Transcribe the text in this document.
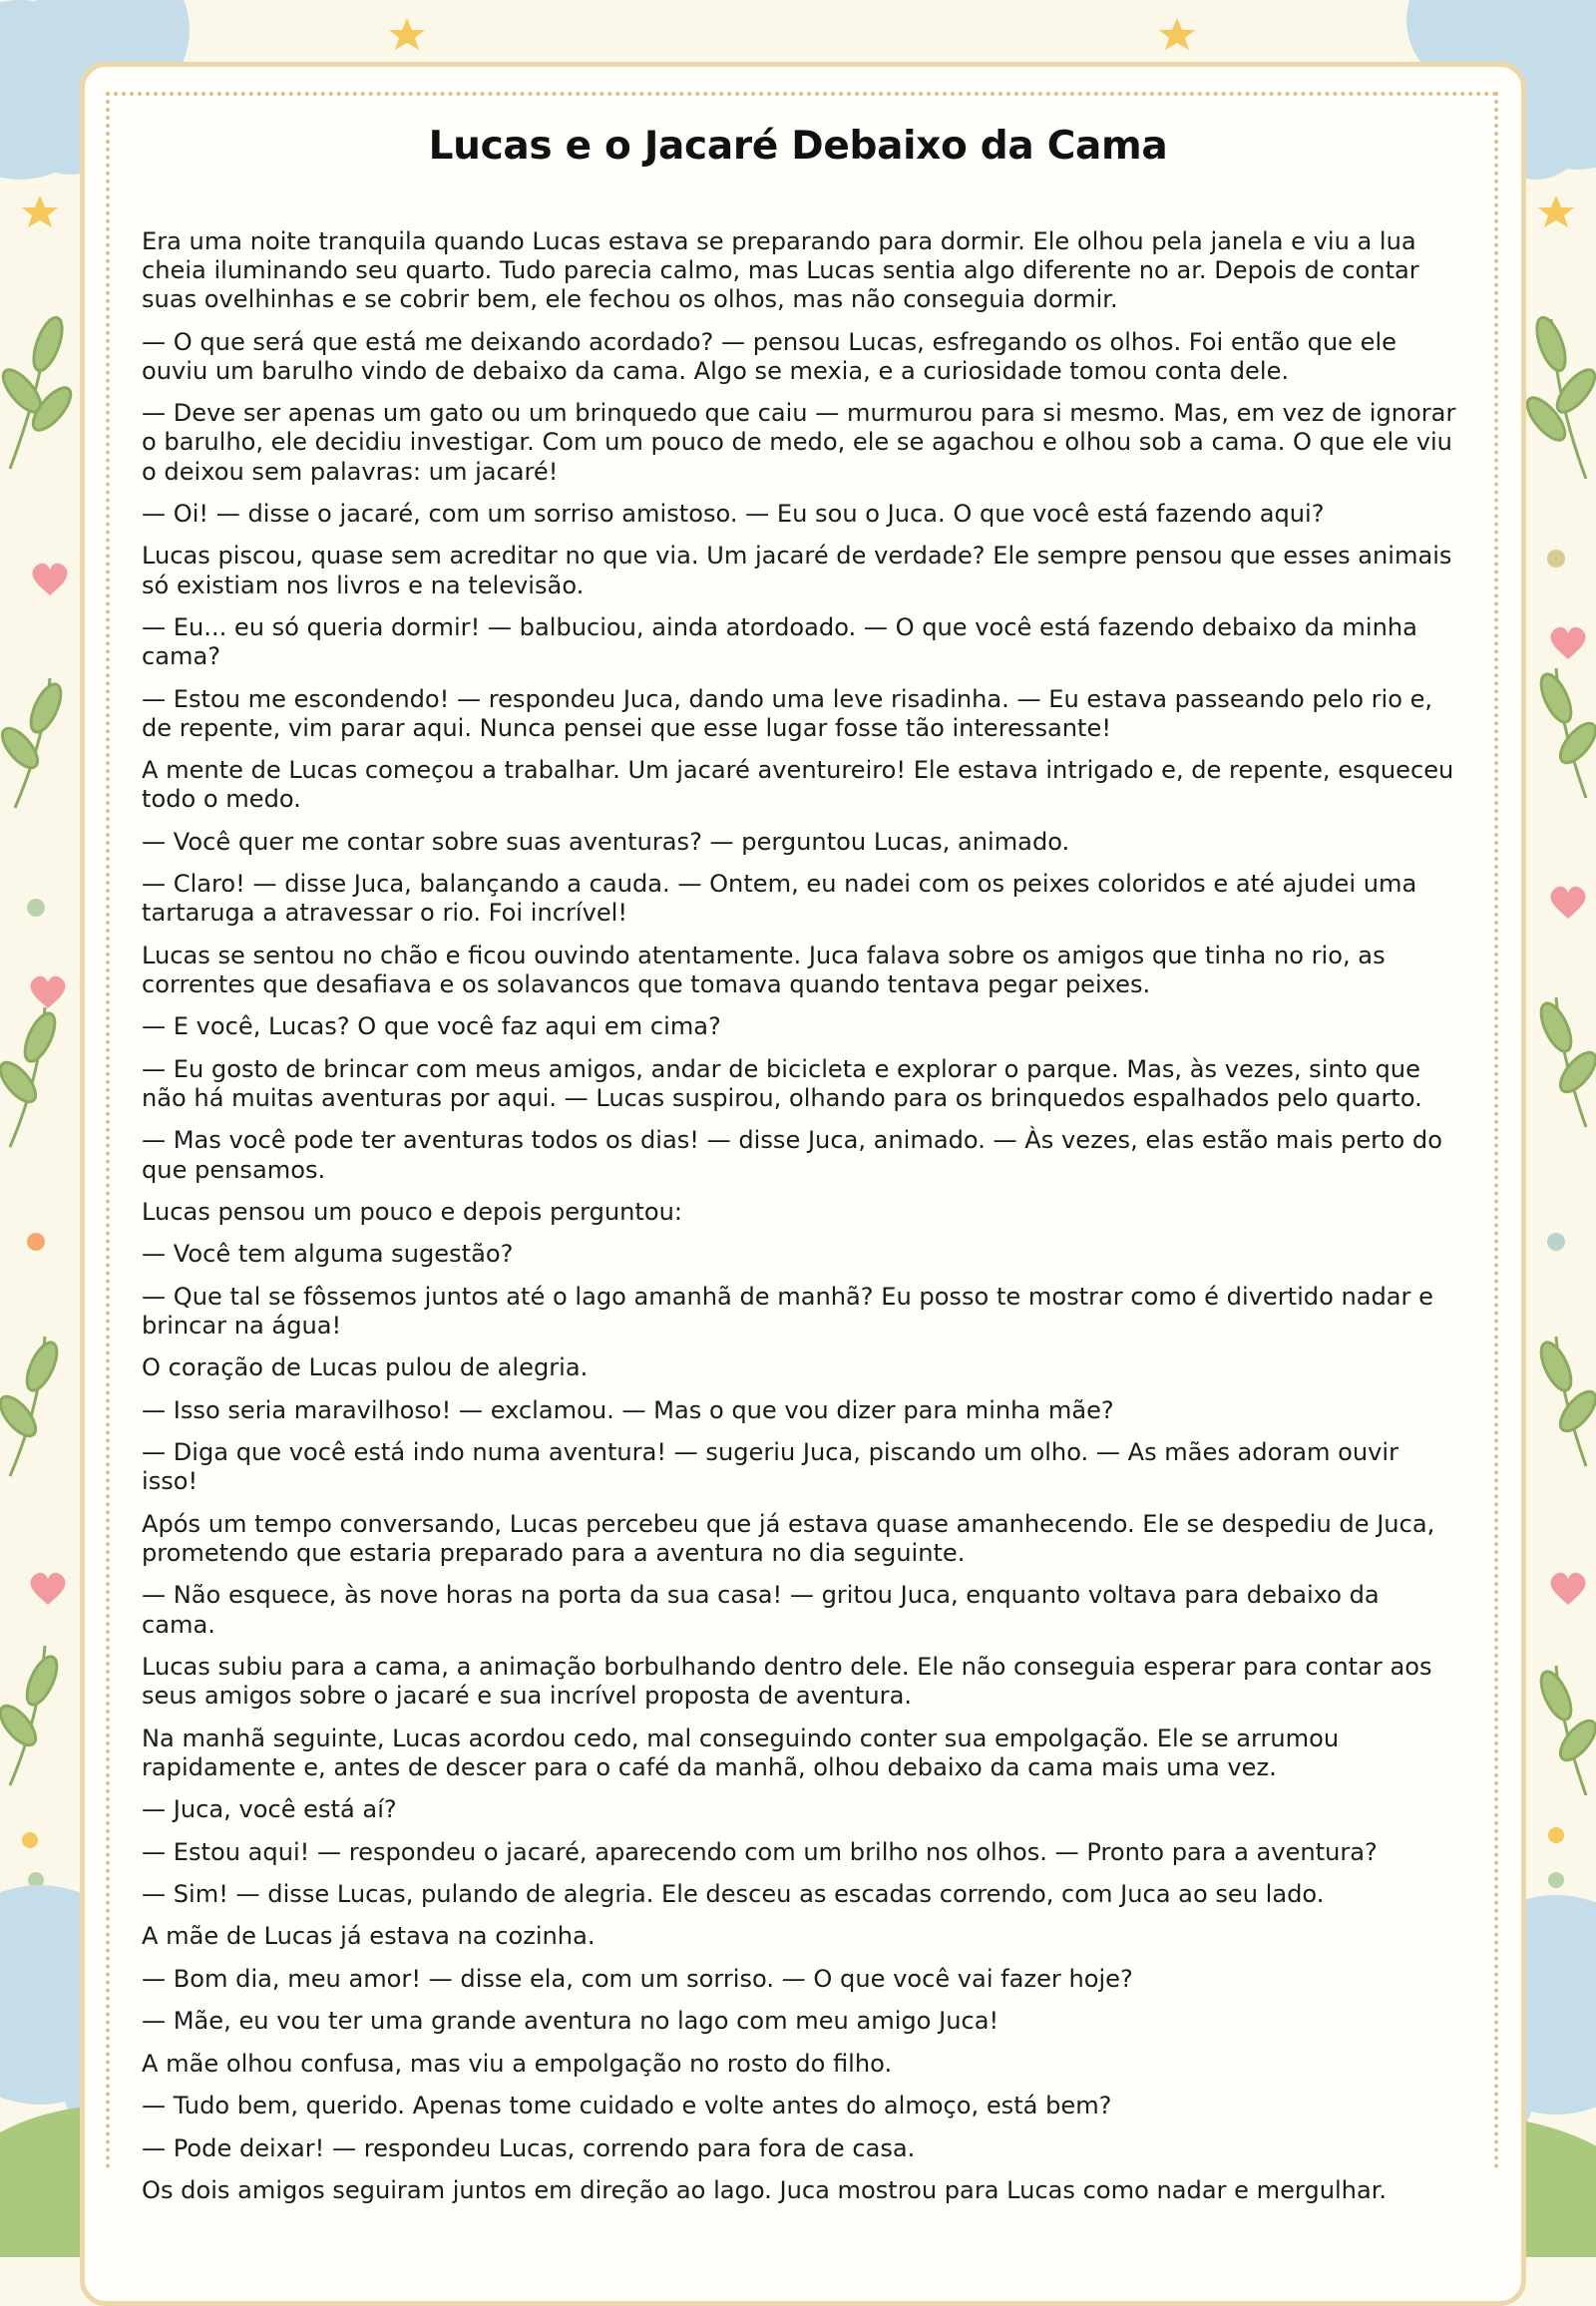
Lucas e o Jacaré Debaixo da Cama

Era uma noite tranquila quando Lucas estava se preparando para dormir. Ele olhou pela janela e viu a lua cheia iluminando seu quarto. Tudo parecia calmo, mas Lucas sentia algo diferente no ar. Depois de contar suas ovelhinhas e se cobrir bem, ele fechou os olhos, mas não conseguia dormir.

— O que será que está me deixando acordado? — pensou Lucas, esfregando os olhos. Foi então que ele ouviu um barulho vindo de debaixo da cama. Algo se mexia, e a curiosidade tomou conta dele.

— Deve ser apenas um gato ou um brinquedo que caiu — murmurou para si mesmo. Mas, em vez de ignorar o barulho, ele decidiu investigar. Com um pouco de medo, ele se agachou e olhou sob a cama. O que ele viu o deixou sem palavras: um jacaré!

— Oi! — disse o jacaré, com um sorriso amistoso. — Eu sou o Juca. O que você está fazendo aqui?

Lucas piscou, quase sem acreditar no que via. Um jacaré de verdade? Ele sempre pensou que esses animais só existiam nos livros e na televisão.

— Eu... eu só queria dormir! — balbuciou, ainda atordoado. — O que você está fazendo debaixo da minha cama?

— Estou me escondendo! — respondeu Juca, dando uma leve risadinha. — Eu estava passeando pelo rio e, de repente, vim parar aqui. Nunca pensei que esse lugar fosse tão interessante!

A mente de Lucas começou a trabalhar. Um jacaré aventureiro! Ele estava intrigado e, de repente, esqueceu todo o medo.

— Você quer me contar sobre suas aventuras? — perguntou Lucas, animado.

— Claro! — disse Juca, balançando a cauda. — Ontem, eu nadei com os peixes coloridos e até ajudei uma tartaruga a atravessar o rio. Foi incrível!

Lucas se sentou no chão e ficou ouvindo atentamente. Juca falava sobre os amigos que tinha no rio, as correntes que desafiava e os solavancos que tomava quando tentava pegar peixes.

— E você, Lucas? O que você faz aqui em cima?

— Eu gosto de brincar com meus amigos, andar de bicicleta e explorar o parque. Mas, às vezes, sinto que não há muitas aventuras por aqui. — Lucas suspirou, olhando para os brinquedos espalhados pelo quarto.

— Mas você pode ter aventuras todos os dias! — disse Juca, animado. — Às vezes, elas estão mais perto do que pensamos.

Lucas pensou um pouco e depois perguntou:

— Você tem alguma sugestão?

— Que tal se fôssemos juntos até o lago amanhã de manhã? Eu posso te mostrar como é divertido nadar e brincar na água!

O coração de Lucas pulou de alegria.

— Isso seria maravilhoso! — exclamou. — Mas o que vou dizer para minha mãe?

— Diga que você está indo numa aventura! — sugeriu Juca, piscando um olho. — As mães adoram ouvir isso!

Após um tempo conversando, Lucas percebeu que já estava quase amanhecendo. Ele se despediu de Juca, prometendo que estaria preparado para a aventura no dia seguinte.

— Não esquece, às nove horas na porta da sua casa! — gritou Juca, enquanto voltava para debaixo da cama.

Lucas subiu para a cama, a animação borbulhando dentro dele. Ele não conseguia esperar para contar aos seus amigos sobre o jacaré e sua incrível proposta de aventura.

Na manhã seguinte, Lucas acordou cedo, mal conseguindo conter sua empolgação. Ele se arrumou rapidamente e, antes de descer para o café da manhã, olhou debaixo da cama mais uma vez.

— Juca, você está aí?

— Estou aqui! — respondeu o jacaré, aparecendo com um brilho nos olhos. — Pronto para a aventura?

— Sim! — disse Lucas, pulando de alegria. Ele desceu as escadas correndo, com Juca ao seu lado.

A mãe de Lucas já estava na cozinha.

— Bom dia, meu amor! — disse ela, com um sorriso. — O que você vai fazer hoje?

— Mãe, eu vou ter uma grande aventura no lago com meu amigo Juca!

A mãe olhou confusa, mas viu a empolgação no rosto do filho.

— Tudo bem, querido. Apenas tome cuidado e volte antes do almoço, está bem?

— Pode deixar! — respondeu Lucas, correndo para fora de casa.

Os dois amigos seguiram juntos em direção ao lago. Juca mostrou para Lucas como nadar e mergulhar.
